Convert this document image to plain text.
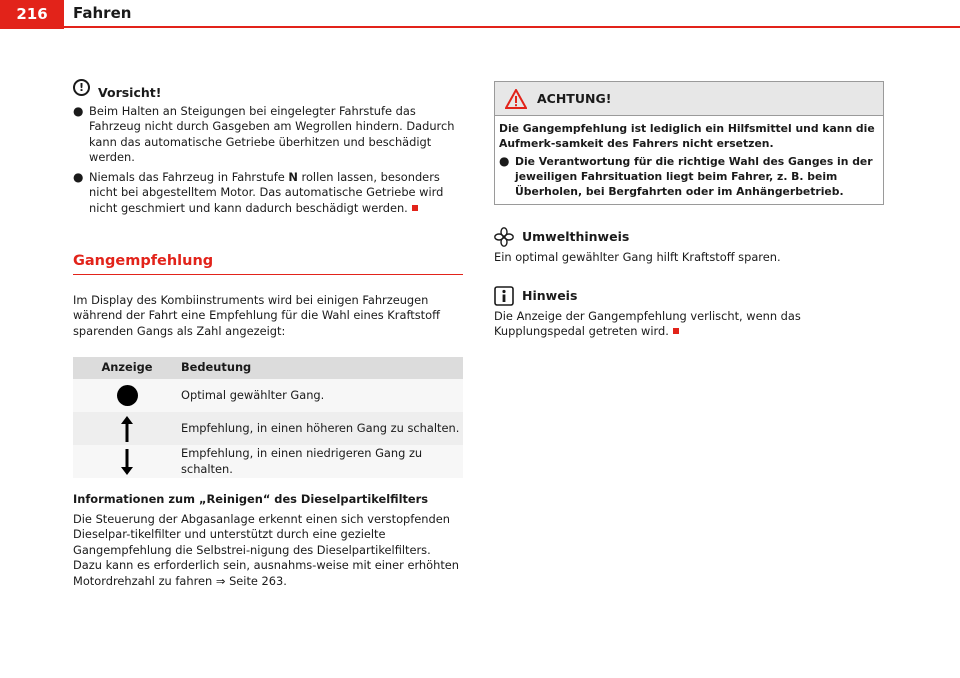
216	Fahren
!	Vorsicht!
● Beim Halten an Steigungen bei eingelegter Fahrstufe das Fahrzeug nicht durch Gasgeben am Wegrollen hindern. Dadurch kann das automatische Getriebe überhitzen und beschädigt werden.

● Niemals das Fahrzeug in Fahrstufe N rollen lassen, besonders nicht bei abgestelltem Motor. Das automatische Getriebe wird nicht geschmiert und kann dadurch beschädigt werden.

Gangempfehlung

Im Display des Kombiinstruments wird bei einigen Fahrzeugen während der Fahrt eine Empfehlung für die Wahl eines Kraftstoff sparenden Gangs als Zahl angezeigt:

Anzeige	Bedeutung
	Optimal gewählter Gang.
	Empfehlung, in einen höheren Gang zu schalten.
	Empfehlung, in einen niedrigeren Gang zu schalten.
Informationen zum „Reinigen“ des Dieselpartikelfilters

Die Steuerung der Abgasanlage erkennt einen sich verstopfenden Dieselpar-tikelfilter und unterstützt durch eine gezielte Gangempfehlung die Selbstrei-nigung des Dieselpartikelfilters. Dazu kann es erforderlich sein, ausnahms-weise mit einer erhöhten Motordrehzahl zu fahren ⇒ Seite 263.

ACHTUNG!

Die Gangempfehlung ist lediglich ein Hilfsmittel und kann die Aufmerk-samkeit des Fahrers nicht ersetzen.

● Die Verantwortung für die richtige Wahl des Ganges in der jeweiligen Fahrsituation liegt beim Fahrer, z. B. beim Überholen, bei Bergfahrten oder im Anhängerbetrieb.

Umwelthinweis

Ein optimal gewählter Gang hilft Kraftstoff sparen.

Hinweis

Die Anzeige der Gangempfehlung verlischt, wenn das Kupplungspedal getreten wird.
